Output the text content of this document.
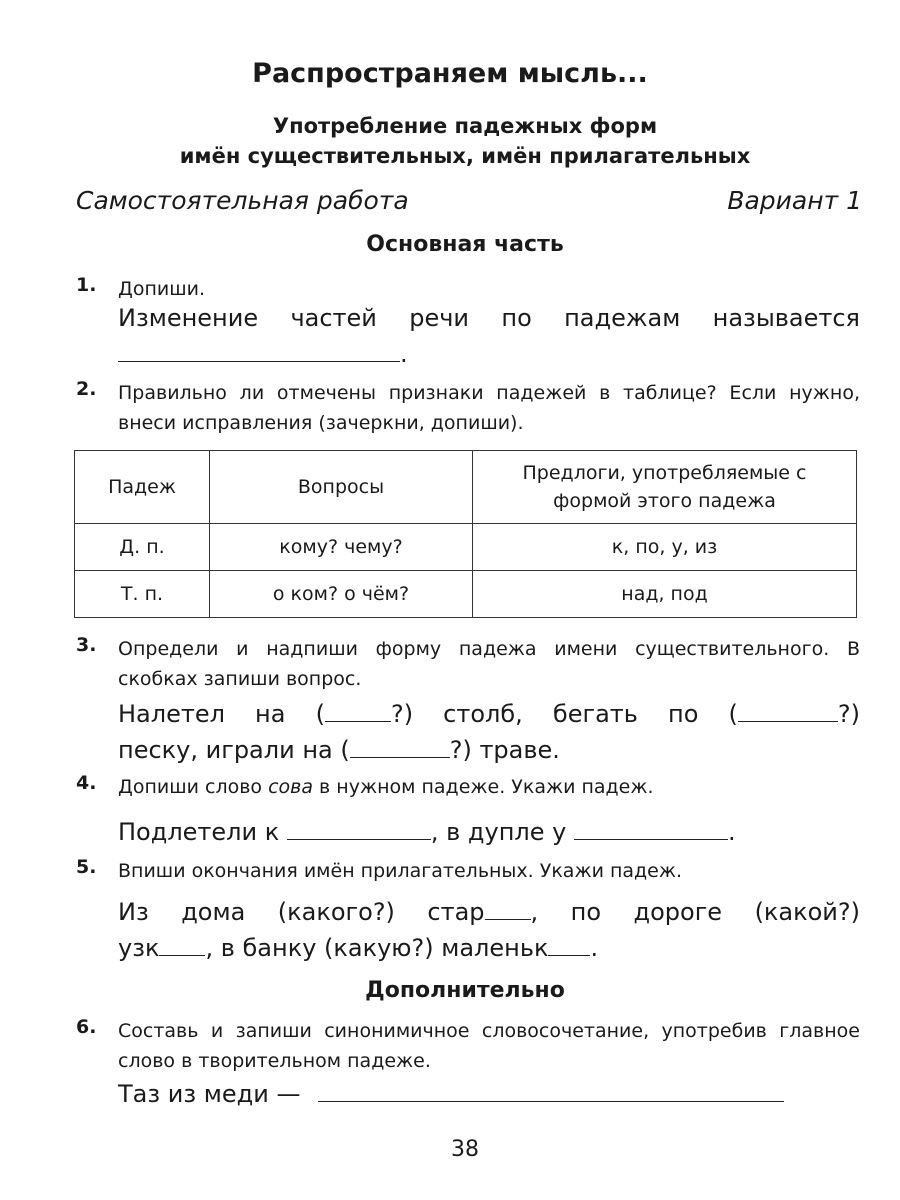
Распространяем мысль...
Употребление падежных форм
имён существительных, имён прилагательных
Самостоятельная работа	Вариант 1
Основная часть
1. Допиши.
Изменение частей речи по падежам называется
.
2. Правильно ли отмечены признаки падежей в таблице? Если нужно, внеси исправления (зачеркни, допиши).
Падеж	Вопросы	Предлоги, употребляемые с формой этого падежа
Д. п.	кому? чему?	к, по, у, из
Т. п.	о ком? о чём?	над, под
3. Определи и надпиши форму падежа имени существительного. В скобках запиши вопрос.
Налетел на (	?) столб, бегать по (	?)
песку, играли на (	?) траве.
4. Допиши слово сова в нужном падеже. Укажи падеж.
Подлетели к	, в дупле у	.
5. Впиши окончания имён прилагательных. Укажи падеж.
Из дома (какого?) стар , по дороге (какой?)
узк , в банку (какую?) маленьк .
Дополнительно
6. Составь и запиши синонимичное словосочетание, употребив главное слово в творительном падеже.
Таз из меди —
38
